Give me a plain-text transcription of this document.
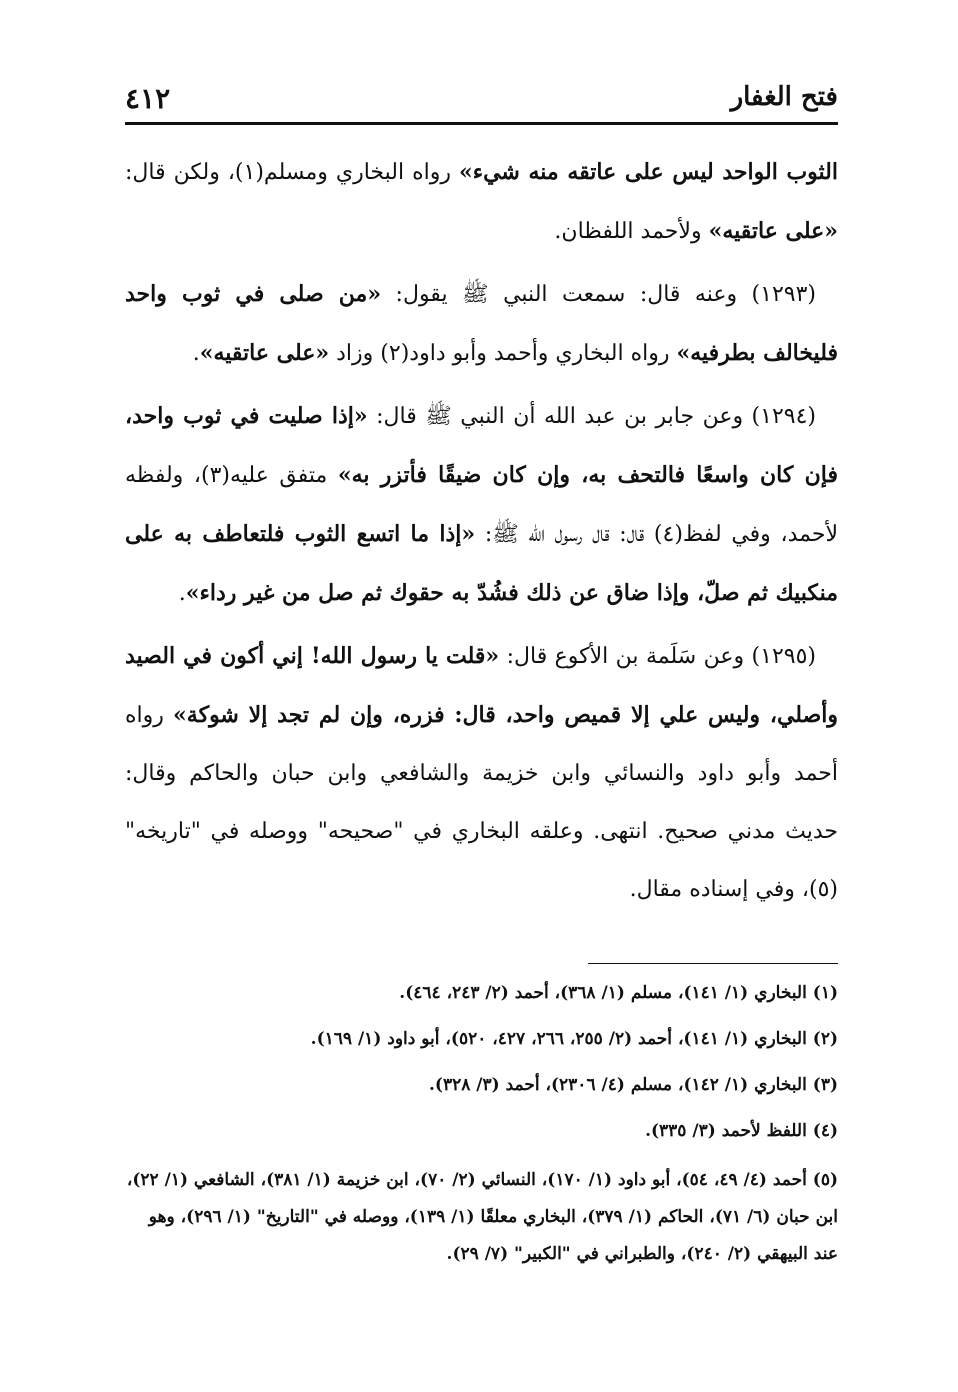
فتح الغفار
٤١٢

الثوب الواحد ليس على عاتقه منه شيء» رواه البخاري ومسلم(١)، ولكن قال: «على عاتقيه» ولأحمد اللفظان.

(١٢٩٣) وعنه قال: سمعت النبي ﷺ يقول: «من صلى في ثوب واحد فليخالف بطرفيه» رواه البخاري وأحمد وأبو داود(٢) وزاد «على عاتقيه».

(١٢٩٤) وعن جابر بن عبد الله أن النبي ﷺ قال: «إذا صليت في ثوب واحد، فإن كان واسعًا فالتحف به، وإن كان ضيقًا فأتزر به» متفق عليه(٣)، ولفظه لأحمد، وفي لفظ(٤) قال: قال رسول الله ﷺ: «إذا ما اتسع الثوب فلتعاطف به على منكبيك ثم صلّ، وإذا ضاق عن ذلك فشُدّ به حقوك ثم صل من غير رداء».

(١٢٩٥) وعن سَلَمة بن الأكوع قال: «قلت يا رسول الله! إني أكون في الصيد وأصلي، وليس علي إلا قميص واحد، قال: فزره، وإن لم تجد إلا شوكة» رواه أحمد وأبو داود والنسائي وابن خزيمة والشافعي وابن حبان والحاكم وقال: حديث مدني صحيح. انتهى. وعلقه البخاري في "صحيحه" ووصله في "تاريخه" (٥)، وفي إسناده مقال.

(١) البخاري (١/ ١٤١)، مسلم (١/ ٣٦٨)، أحمد (٢/ ٢٤٣، ٤٦٤).

(٢) البخاري (١/ ١٤١)، أحمد (٢/ ٢٥٥، ٢٦٦، ٤٢٧، ٥٢٠)، أبو داود (١/ ١٦٩).

(٣) البخاري (١/ ١٤٢)، مسلم (٤/ ٢٣٠٦)، أحمد (٣/ ٣٢٨).

(٤) اللفظ لأحمد (٣/ ٣٣٥).

(٥) أحمد (٤/ ٤٩، ٥٤)، أبو داود (١/ ١٧٠)، النسائي (٢/ ٧٠)، ابن خزيمة (١/ ٣٨١)، الشافعي (١/ ٢٢)، ابن حبان (٦/ ٧١)، الحاكم (١/ ٣٧٩)، البخاري معلقًا (١/ ١٣٩)، ووصله في "التاريخ" (١/ ٢٩٦)، وهو عند البيهقي (٢/ ٢٤٠)، والطبراني في "الكبير" (٧/ ٢٩).
